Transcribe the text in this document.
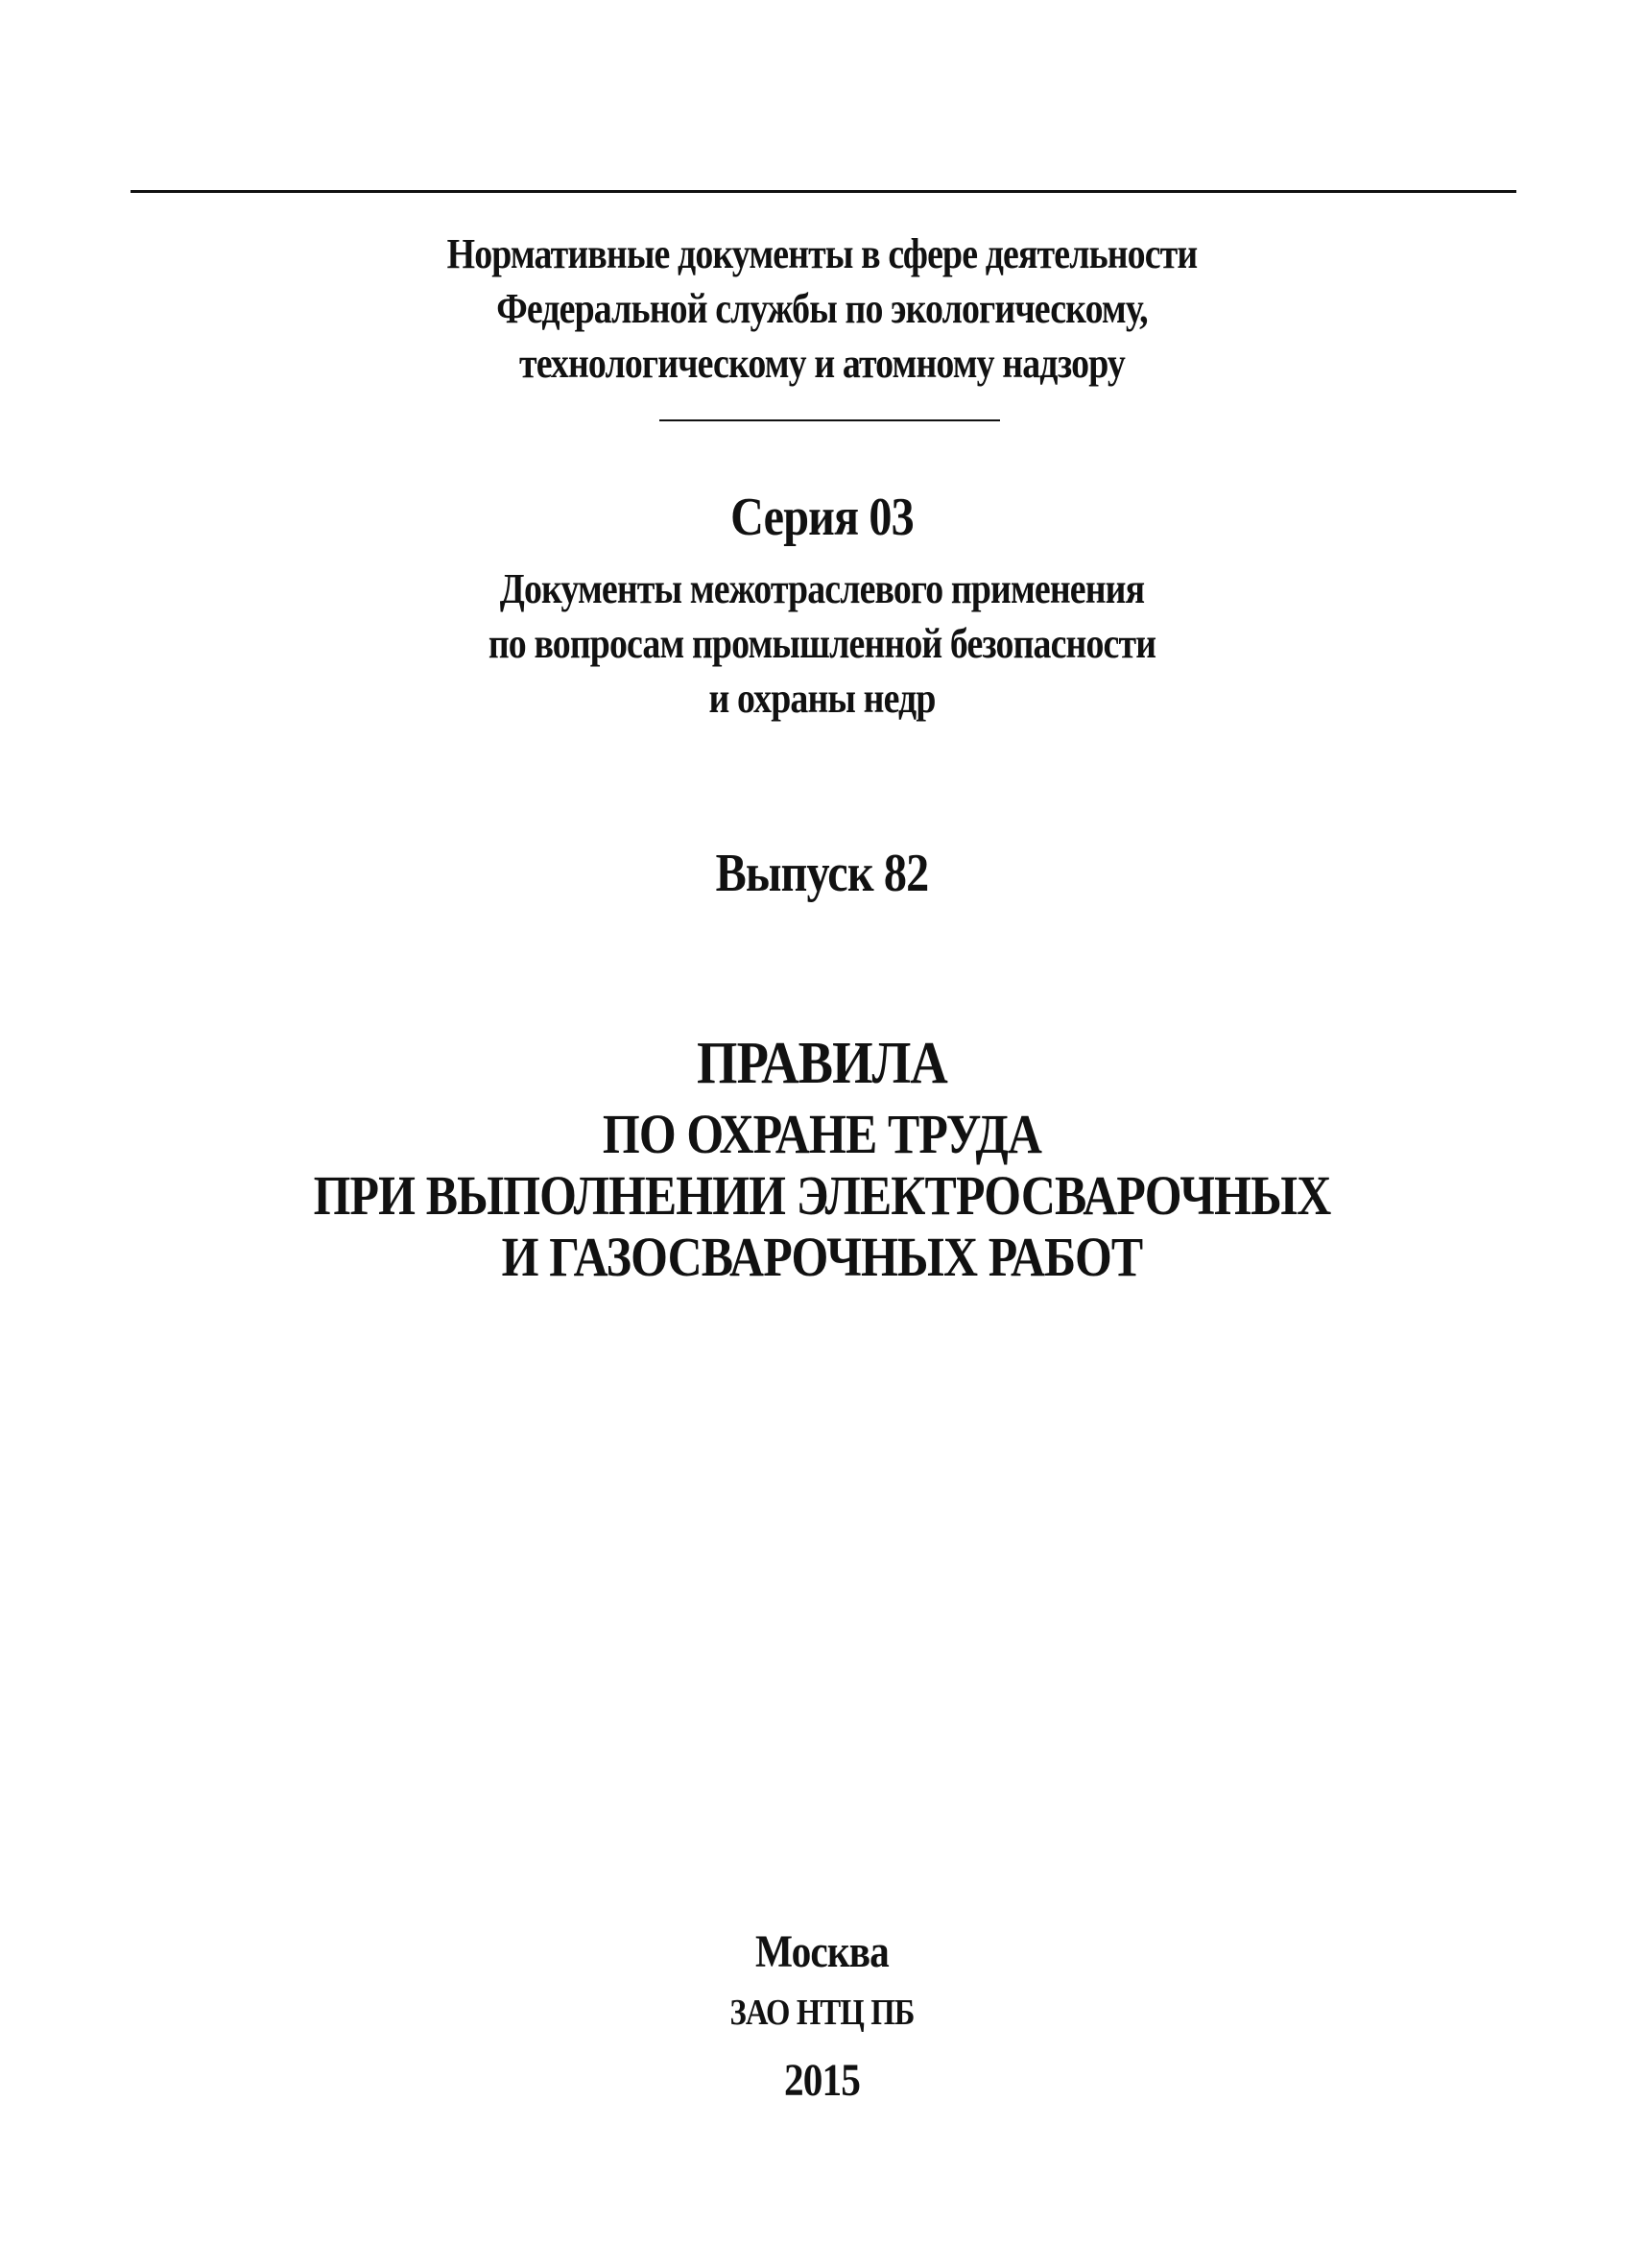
Нормативные документы в сфере деятельности
Федеральной службы по экологическому,
технологическому и атомному надзору
Серия 03
Документы межотраслевого применения
по вопросам промышленной безопасности
и охраны недр
Выпуск 82
ПРАВИЛА
ПО ОХРАНЕ ТРУДА
ПРИ ВЫПОЛНЕНИИ ЭЛЕКТРОСВАРОЧНЫХ
И ГАЗОСВАРОЧНЫХ РАБОТ
Москва
ЗАО НТЦ ПБ
2015
